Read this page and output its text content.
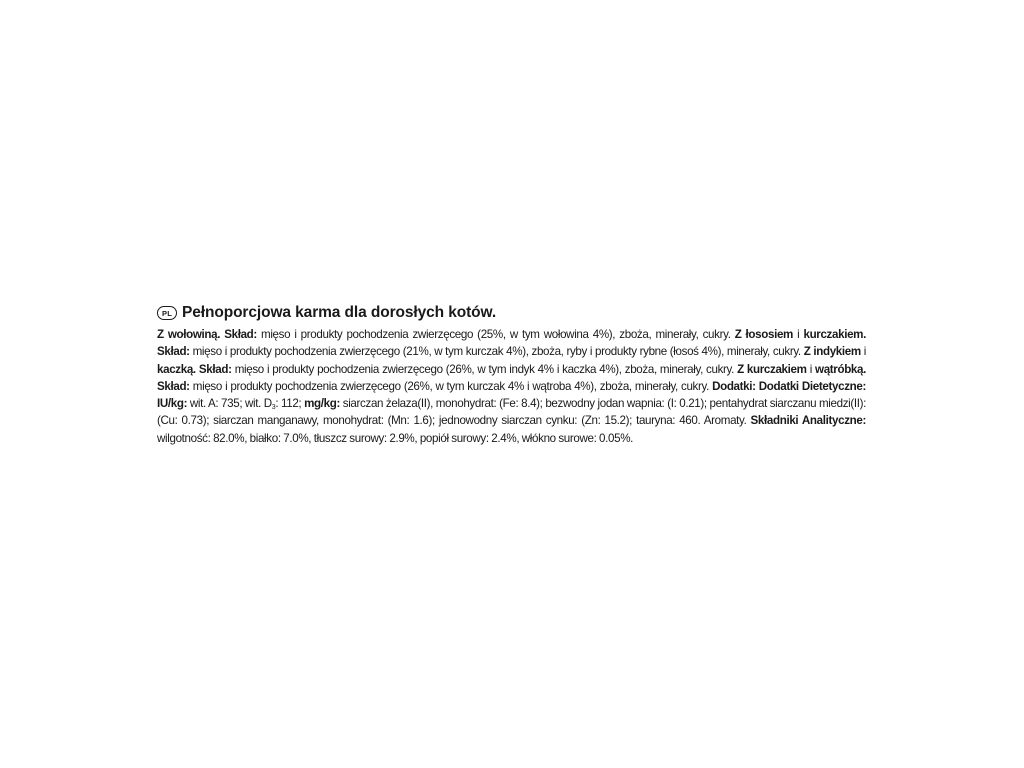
PL Pełnoporcjowa karma dla dorosłych kotów.
Z wołowiną. Skład: mięso i produkty pochodzenia zwierzęcego (25%, w tym wołowina 4%), zboża, minerały, cukry. Z łososiem i kurczakiem. Skład: mięso i produkty pochodzenia zwierzęcego (21%, w tym kurczak 4%), zboża, ryby i produkty rybne (łosoś 4%), minerały, cukry. Z indykiem i kaczką. Skład: mięso i produkty pochodzenia zwierzęcego (26%, w tym indyk 4% i kaczka 4%), zboża, minerały, cukry. Z kurczakiem i wątróbką. Skład: mięso i produkty pochodzenia zwierzęcego (26%, w tym kurczak 4% i wątroba 4%), zboża, minerały, cukry. Dodatki: Dodatki Dietetyczne: IU/kg: wit. A: 735; wit. $D_3$: 112; mg/kg: siarczan żelaza(II), monohydrat: (Fe: 8.4); bezwodny jodan wapnia: (I: 0.21); pentahydrat siarczanu miedzi(II): (Cu: 0.73); siarczan manganawy, monohydrat: (Mn: 1.6); jednowodny siarczan cynku: (Zn: 15.2); tauryna: 460. Aromaty. Składniki Analityczne: wilgotność: 82.0%, białko: 7.0%, tłuszcz surowy: 2.9%, popiół surowy: 2.4%, włókno surowe: 0.05%.
